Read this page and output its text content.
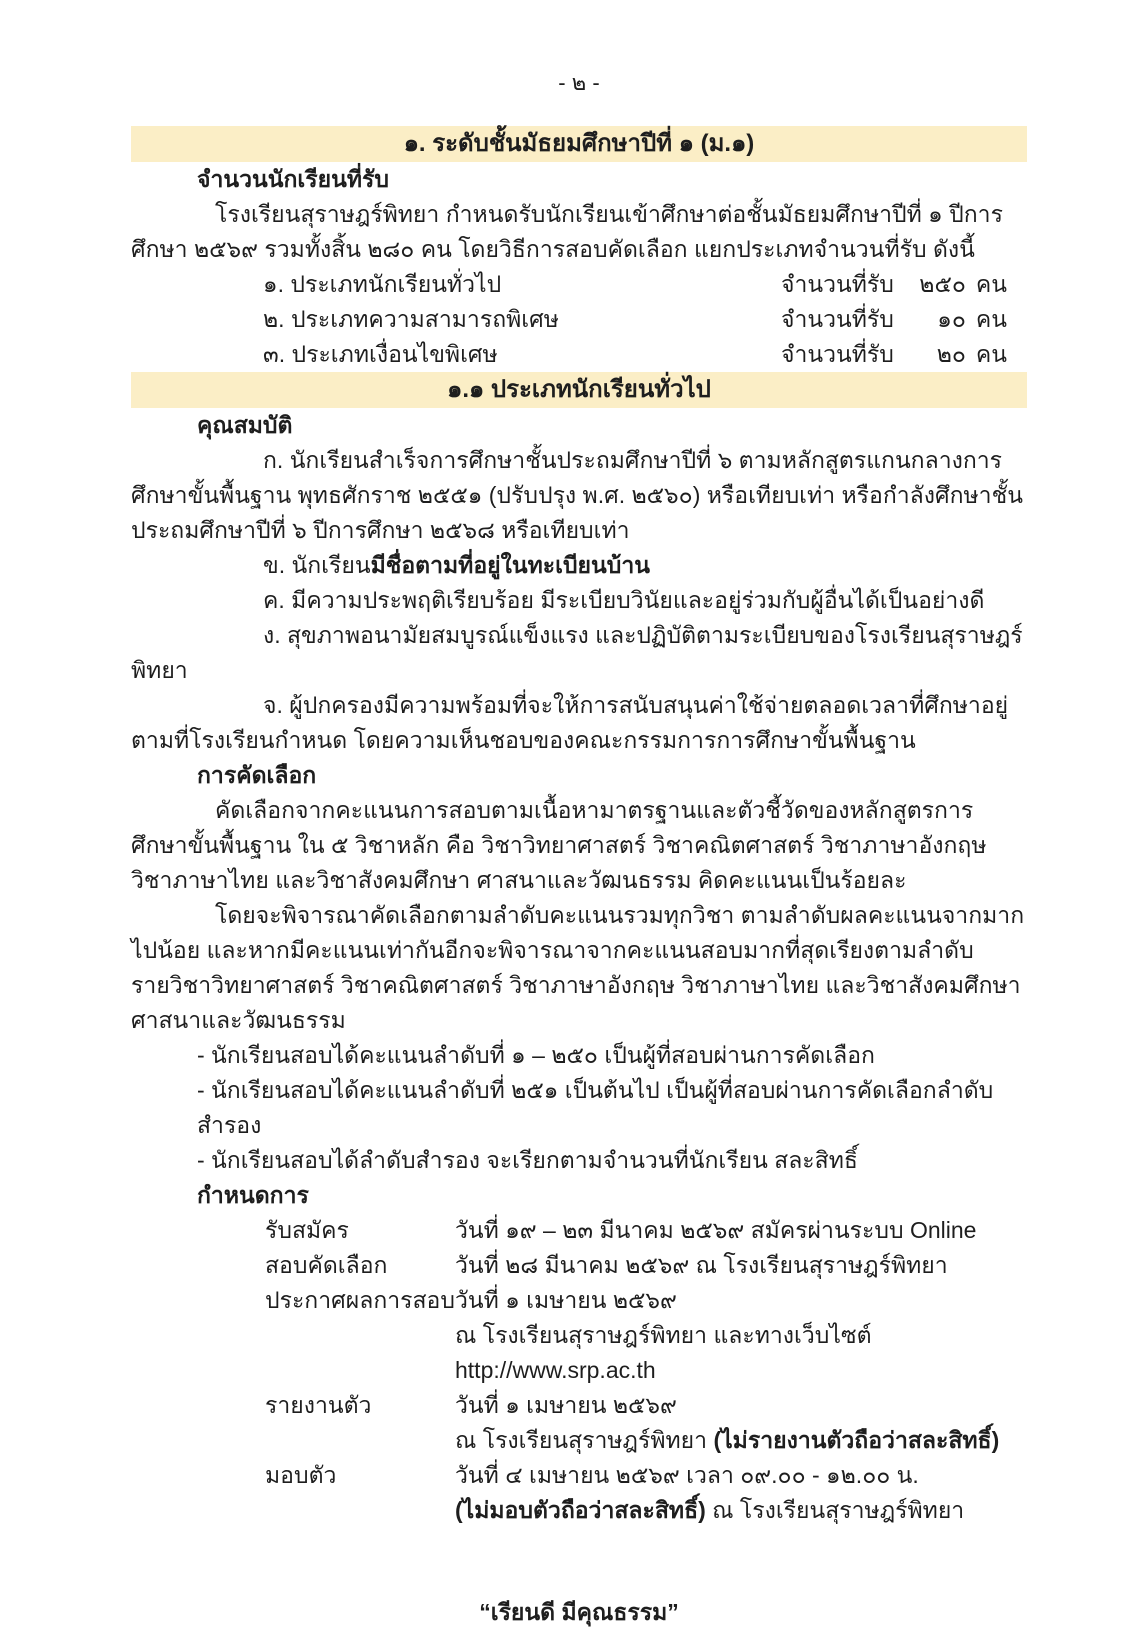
- ๒ -
๑. ระดับชั้นมัธยมศึกษาปีที่ ๑ (ม.๑)
จำนวนนักเรียนที่รับ

โรงเรียนสุราษฎร์พิทยา กำหนดรับนักเรียนเข้าศึกษาต่อชั้นมัธยมศึกษาปีที่ ๑ ปีการศึกษา ๒๕๖๙ รวมทั้งสิ้น ๒๘๐ คน โดยวิธีการสอบคัดเลือก แยกประเภทจำนวนที่รับ ดังนี้

๑. ประเภทนักเรียนทั่วไป	จำนวนที่รับ	๒๕๐ คน
๒. ประเภทความสามารถพิเศษ	จำนวนที่รับ	๑๐ คน
๓. ประเภทเงื่อนไขพิเศษ	จำนวนที่รับ	๒๐ คน
๑.๑ ประเภทนักเรียนทั่วไป
คุณสมบัติ

ก. นักเรียนสำเร็จการศึกษาชั้นประถมศึกษาปีที่ ๖ ตามหลักสูตรแกนกลางการศึกษาขั้นพื้นฐาน พุทธศักราช ๒๕๕๑ (ปรับปรุง พ.ศ. ๒๕๖๐) หรือเทียบเท่า หรือกำลังศึกษาชั้นประถมศึกษาปีที่ ๖ ปีการศึกษา ๒๕๖๘ หรือเทียบเท่า

ข. นักเรียนมีชื่อตามที่อยู่ในทะเบียนบ้าน

ค. มีความประพฤติเรียบร้อย มีระเบียบวินัยและอยู่ร่วมกับผู้อื่นได้เป็นอย่างดี

ง. สุขภาพอนามัยสมบูรณ์แข็งแรง และปฏิบัติตามระเบียบของโรงเรียนสุราษฎร์พิทยา

จ. ผู้ปกครองมีความพร้อมที่จะให้การสนับสนุนค่าใช้จ่ายตลอดเวลาที่ศึกษาอยู่ตามที่โรงเรียนกำหนด โดยความเห็นชอบของคณะกรรมการการศึกษาขั้นพื้นฐาน

การคัดเลือก

คัดเลือกจากคะแนนการสอบตามเนื้อหามาตรฐานและตัวชี้วัดของหลักสูตรการศึกษาขั้นพื้นฐาน ใน ๕ วิชาหลัก คือ วิชาวิทยาศาสตร์ วิชาคณิตศาสตร์ วิชาภาษาอังกฤษ วิชาภาษาไทย และวิชาสังคมศึกษา ศาสนาและวัฒนธรรม คิดคะแนนเป็นร้อยละ

โดยจะพิจารณาคัดเลือกตามลำดับคะแนนรวมทุกวิชา ตามลำดับผลคะแนนจากมากไปน้อย และหากมีคะแนนเท่ากันอีกจะพิจารณาจากคะแนนสอบมากที่สุดเรียงตามลำดับรายวิชาวิทยาศาสตร์ วิชาคณิตศาสตร์ วิชาภาษาอังกฤษ วิชาภาษาไทย และวิชาสังคมศึกษา ศาสนาและวัฒนธรรม

- นักเรียนสอบได้คะแนนลำดับที่ ๑ – ๒๕๐ เป็นผู้ที่สอบผ่านการคัดเลือก

- นักเรียนสอบได้คะแนนลำดับที่ ๒๕๑ เป็นต้นไป เป็นผู้ที่สอบผ่านการคัดเลือกลำดับสำรอง

- นักเรียนสอบได้ลำดับสำรอง จะเรียกตามจำนวนที่นักเรียน สละสิทธิ์

กำหนดการ
รับสมัคร	วันที่ ๑๙ – ๒๓ มีนาคม ๒๕๖๙ สมัครผ่านระบบ Online
สอบคัดเลือก	วันที่ ๒๘ มีนาคม ๒๕๖๙ ณ โรงเรียนสุราษฎร์พิทยา
ประกาศผลการสอบ วันที่ ๑ เมษายน ๒๕๖๙
ณ โรงเรียนสุราษฎร์พิทยา และทางเว็บไซต์ http://www.srp.ac.th
รายงานตัว	วันที่ ๑ เมษายน ๒๕๖๙
ณ โรงเรียนสุราษฎร์พิทยา (ไม่รายงานตัวถือว่าสละสิทธิ์)
มอบตัว	วันที่ ๔ เมษายน ๒๕๖๙ เวลา ๐๙.๐๐ - ๑๒.๐๐ น.
(ไม่มอบตัวถือว่าสละสิทธิ์) ณ โรงเรียนสุราษฎร์พิทยา
“เรียนดี มีคุณธรรม”
